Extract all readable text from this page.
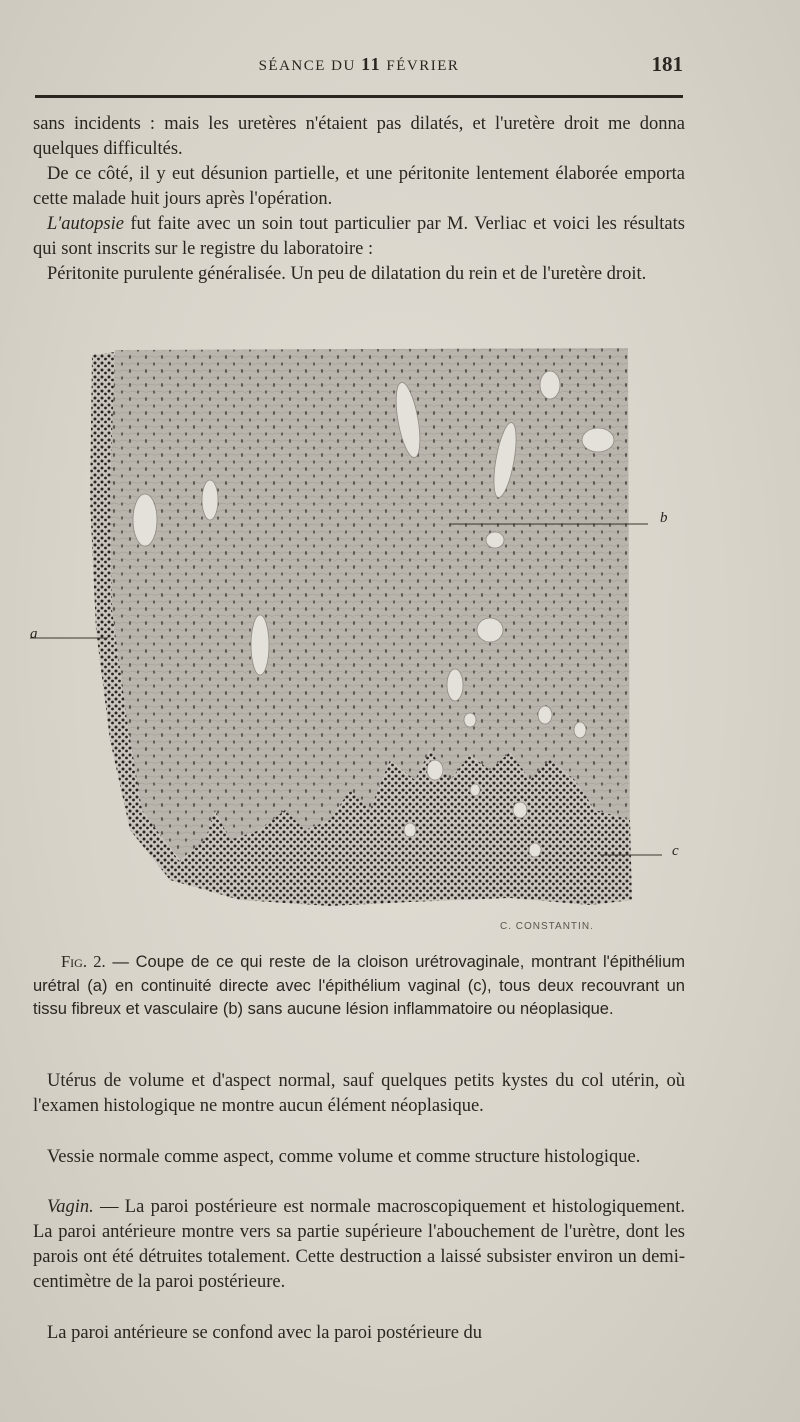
SÉANCE DU 11 FÉVRIER	181

sans incidents : mais les uretères n'étaient pas dilatés, et l'uretère droit me donna quelques difficultés.

De ce côté, il y eut désunion partielle, et une péritonite lentement élaborée emporta cette malade huit jours après l'opération.

L'autopsie fut faite avec un soin tout particulier par M. Verliac et voici les résultats qui sont inscrits sur le registre du laboratoire :

Péritonite purulente généralisée. Un peu de dilatation du rein et de l'uretère droit.

a
b
c
C. CONSTANTIN.

Fig. 2. — Coupe de ce qui reste de la cloison urétrovaginale, montrant l'épithélium urétral (a) en continuité directe avec l'épithélium vaginal (c), tous deux recouvrant un tissu fibreux et vasculaire (b) sans aucune lésion inflammatoire ou néoplasique.

Utérus de volume et d'aspect normal, sauf quelques petits kystes du col utérin, où l'examen histologique ne montre aucun élément néoplasique.

Vessie normale comme aspect, comme volume et comme structure histologique.

Vagin. — La paroi postérieure est normale macroscopiquement et histologiquement. La paroi antérieure montre vers sa partie supérieure l'abouchement de l'urètre, dont les parois ont été détruites totalement. Cette destruction a laissé subsister environ un demi-centimètre de la paroi postérieure.

La paroi antérieure se confond avec la paroi postérieure du
